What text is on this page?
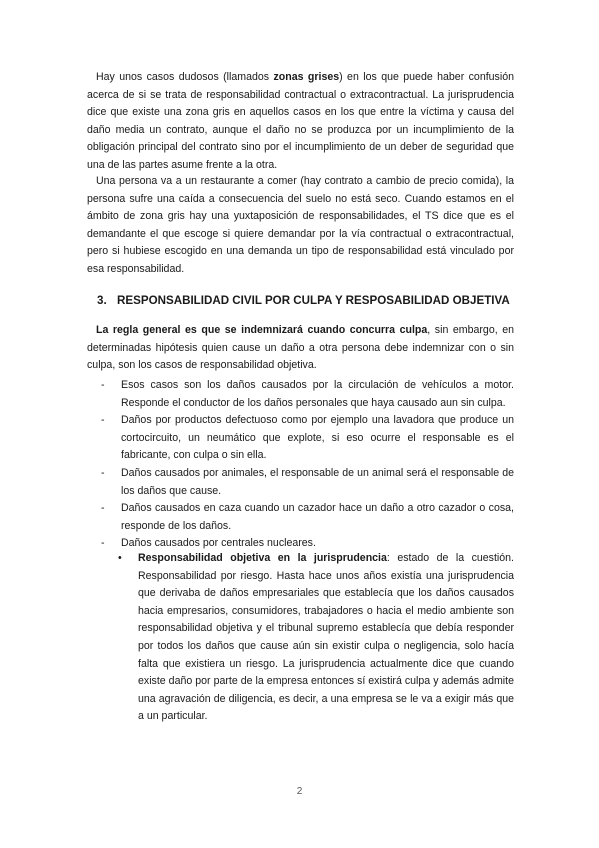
Hay unos casos dudosos (llamados zonas grises) en los que puede haber confusión acerca de si se trata de responsabilidad contractual o extracontractual. La jurisprudencia dice que existe una zona gris en aquellos casos en los que entre la víctima y causa del daño media un contrato, aunque el daño no se produzca por un incumplimiento de la obligación principal del contrato sino por el incumplimiento de un deber de seguridad que una de las partes asume frente a la otra.

Una persona va a un restaurante a comer (hay contrato a cambio de precio comida), la persona sufre una caída a consecuencia del suelo no está seco. Cuando estamos en el ámbito de zona gris hay una yuxtaposición de responsabilidades, el TS dice que es el demandante el que escoge si quiere demandar por la vía contractual o extracontractual, pero si hubiese escogido en una demanda un tipo de responsabilidad está vinculado por esa responsabilidad.

3. RESPONSABILIDAD CIVIL POR CULPA Y RESPOSABILIDAD OBJETIVA

La regla general es que se indemnizará cuando concurra culpa, sin embargo, en determinadas hipótesis quien cause un daño a otra persona debe indemnizar con o sin culpa, son los casos de responsabilidad objetiva.

- Esos casos son los daños causados por la circulación de vehículos a motor. Responde el conductor de los daños personales que haya causado aun sin culpa.
- Daños por productos defectuoso como por ejemplo una lavadora que produce un cortocircuito, un neumático que explote, si eso ocurre el responsable es el fabricante, con culpa o sin ella.
- Daños causados por animales, el responsable de un animal será el responsable de los daños que cause.
- Daños causados en caza cuando un cazador hace un daño a otro cazador o cosa, responde de los daños.
- Daños causados por centrales nucleares.
• Responsabilidad objetiva en la jurisprudencia: estado de la cuestión. Responsabilidad por riesgo. Hasta hace unos años existía una jurisprudencia que derivaba de daños empresariales que establecía que los daños causados hacia empresarios, consumidores, trabajadores o hacia el medio ambiente son responsabilidad objetiva y el tribunal supremo establecía que debía responder por todos los daños que cause aún sin existir culpa o negligencia, solo hacía falta que existiera un riesgo. La jurisprudencia actualmente dice que cuando existe daño por parte de la empresa entonces sí existirá culpa y además admite una agravación de diligencia, es decir, a una empresa se le va a exigir más que a un particular.
2
